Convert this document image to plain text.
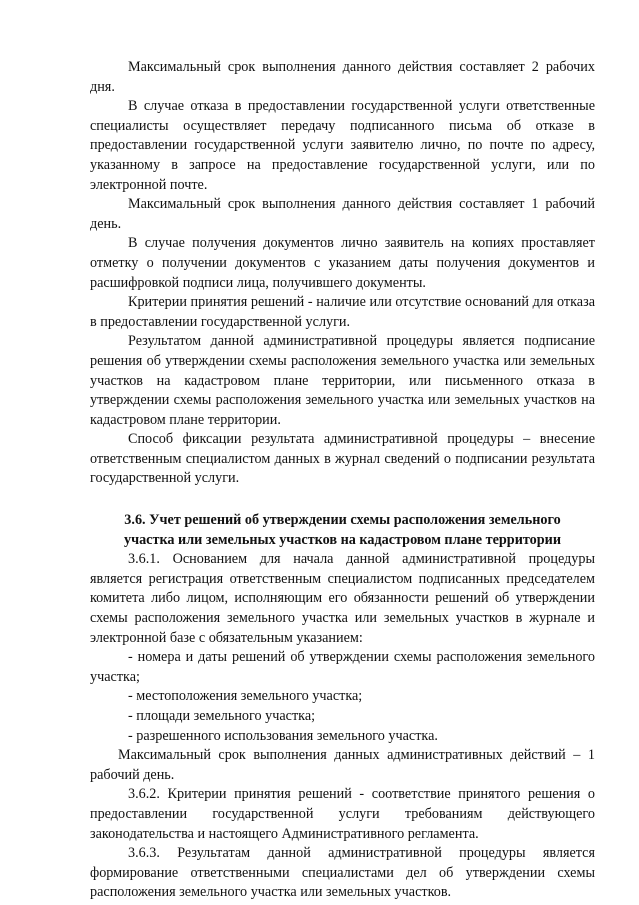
Максимальный срок выполнения данного действия составляет 2 рабочих дня.

В случае отказа в предоставлении государственной услуги ответственные специалисты осуществляет передачу подписанного письма об отказе в предоставлении государственной услуги заявителю лично, по почте по адресу, указанному в запросе на предоставление государственной услуги, или по электронной почте.

Максимальный срок выполнения данного действия составляет 1 рабочий день.

В случае получения документов лично заявитель на копиях проставляет отметку о получении документов с указанием даты получения документов и расшифровкой подписи лица, получившего документы.

Критерии принятия решений - наличие или отсутствие оснований для отказа в предоставлении государственной услуги.

Результатом данной административной процедуры является подписание решения об утверждении схемы расположения земельного участка или земельных участков на кадастровом плане территории, или письменного отказа в утверждении схемы расположения земельного участка или земельных участков на кадастровом плане территории.

Способ фиксации результата административной процедуры – внесение ответственным специалистом данных в журнал сведений о подписании результата государственной услуги.

3.6. Учет решений об утверждении схемы расположения земельного участка или земельных участков на кадастровом плане территории

3.6.1. Основанием для начала данной административной процедуры является регистрация ответственным специалистом подписанных председателем комитета либо лицом, исполняющим его обязанности решений об утверждении схемы расположения земельного участка или земельных участков в журнале и электронной базе с обязательным указанием:

- номера и даты решений об утверждении схемы расположения земельного участка;

- местоположения земельного участка;

- площади земельного участка;

- разрешенного использования земельного участка.

Максимальный срок выполнения данных административных действий – 1 рабочий день.

3.6.2. Критерии принятия решений - соответствие принятого решения о предоставлении государственной услуги требованиям действующего законодательства и настоящего Административного регламента.

3.6.3. Результатам данной административной процедуры является формирование ответственными специалистами дел об утверждении схемы расположения земельного участка или земельных участков.
